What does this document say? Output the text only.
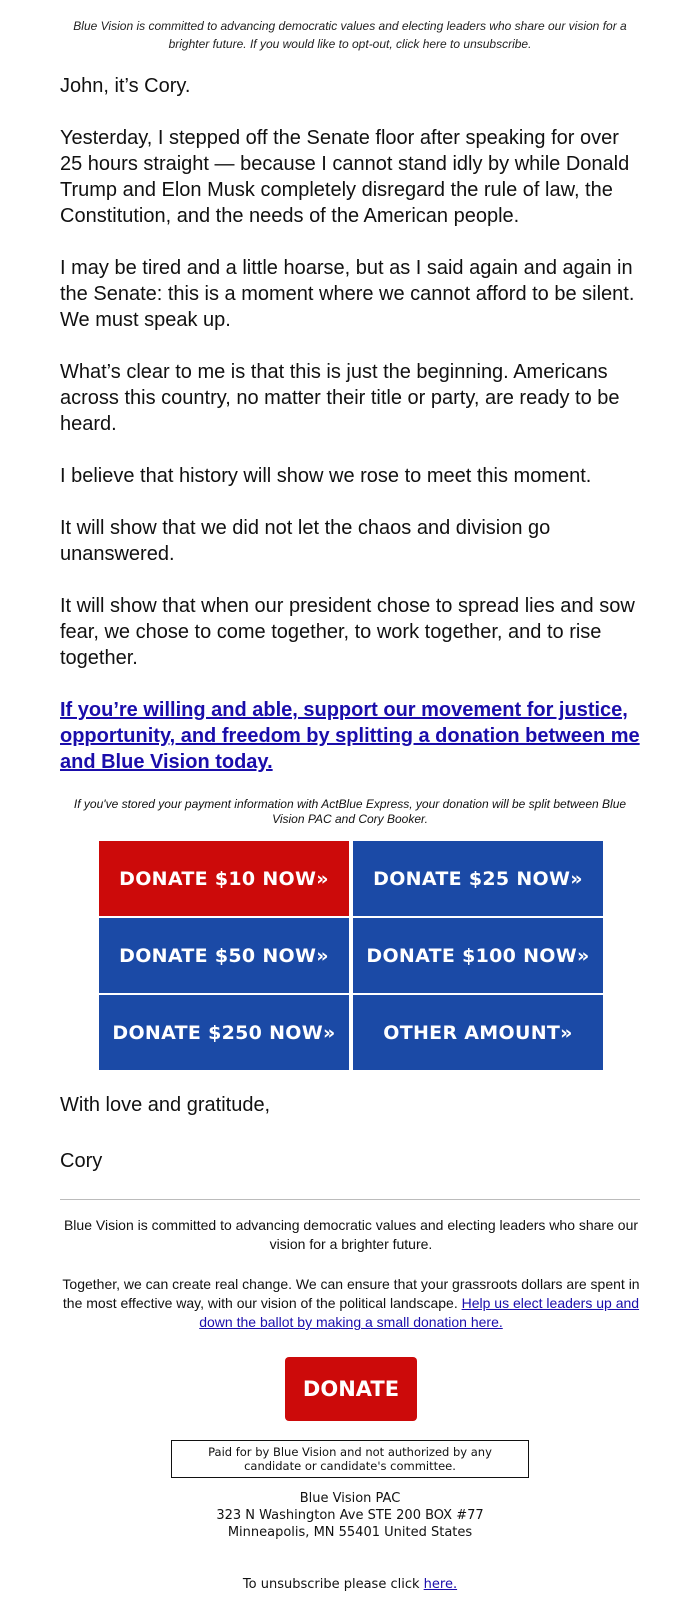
Blue Vision is committed to advancing democratic values and electing leaders who share our vision for a brighter future. If you would like to opt-out, click here to unsubscribe.

John, it’s Cory.

Yesterday, I stepped off the Senate floor after speaking for over 25 hours straight — because I cannot stand idly by while Donald Trump and Elon Musk completely disregard the rule of law, the Constitution, and the needs of the American people.

I may be tired and a little hoarse, but as I said again and again in the Senate: this is a moment where we cannot afford to be silent. We must speak up.

What’s clear to me is that this is just the beginning. Americans across this country, no matter their title or party, are ready to be heard.

I believe that history will show we rose to meet this moment.

It will show that we did not let the chaos and division go unanswered.

It will show that when our president chose to spread lies and sow fear, we chose to come together, to work together, and to rise together.

If you’re willing and able, support our movement for justice, opportunity, and freedom by splitting a donation between me and Blue Vision today.

If you've stored your payment information with ActBlue Express, your donation will be split between Blue Vision PAC and Cory Booker.
DONATE $10 NOW»	DONATE $25 NOW»
DONATE $50 NOW»	DONATE $100 NOW»
DONATE $250 NOW»	OTHER AMOUNT»
With love and gratitude,
Cory
Blue Vision is committed to advancing democratic values and electing leaders who share our vision for a brighter future.
Together, we can create real change. We can ensure that your grassroots dollars are spent in the most effective way, with our vision of the political landscape. Help us elect leaders up and down the ballot by making a small donation here.
DONATE
Paid for by Blue Vision and not authorized by any
candidate or candidate's committee.
Blue Vision PAC
323 N Washington Ave STE 200 BOX #77
Minneapolis, MN 55401 United States
To unsubscribe please click here.
